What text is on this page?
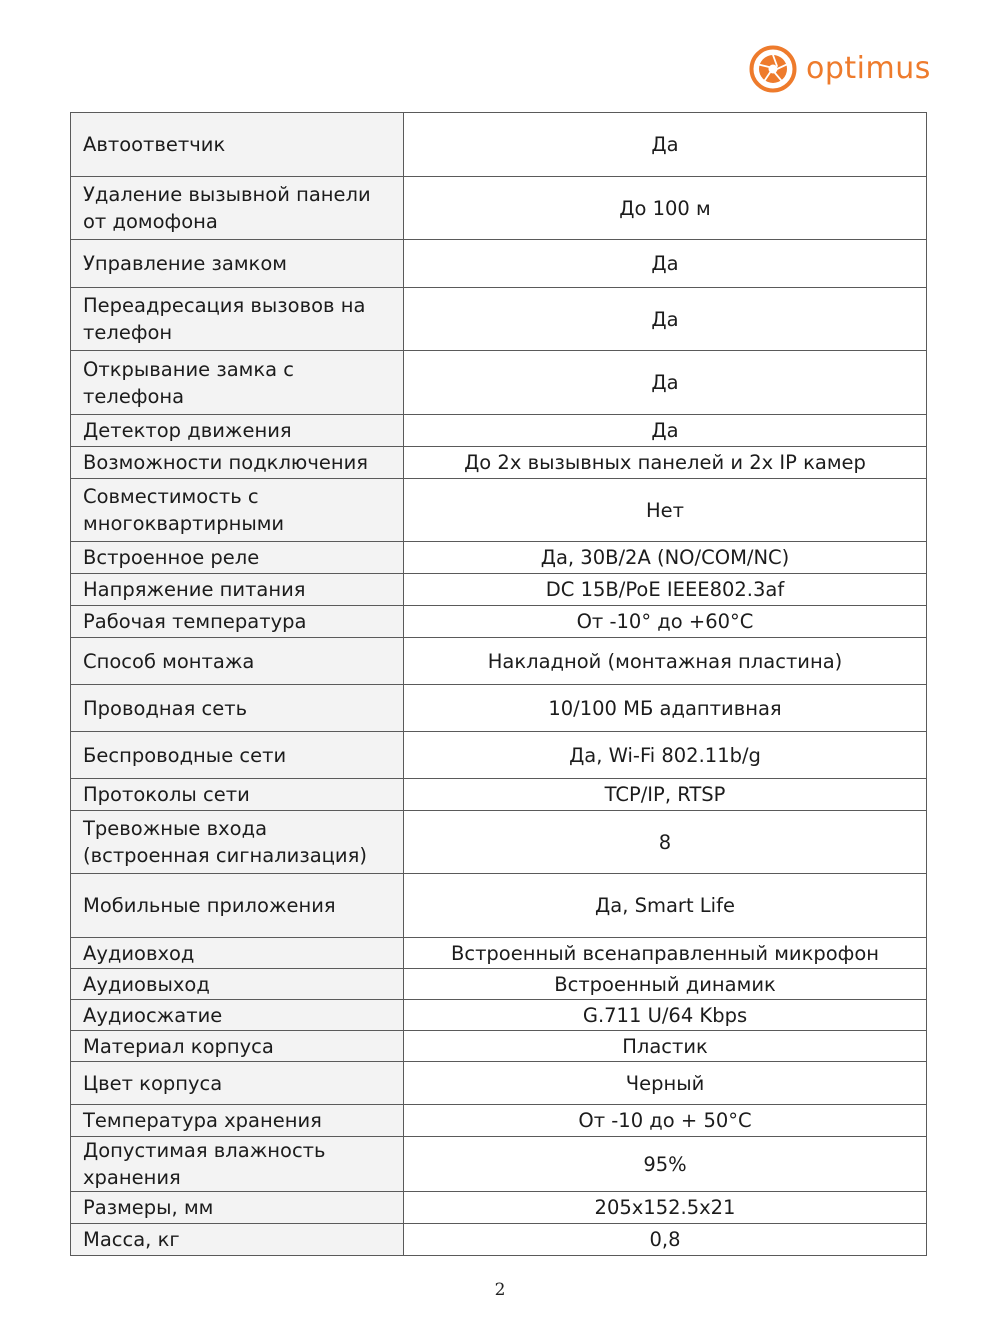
optimus
Автоответчик	Да
Удаление вызывной панели от домофона	До 100 м
Управление замком	Да
Переадресация вызовов на телефон	Да
Открывание замка с телефона	Да
Детектор движения	Да
Возможности подключения	До 2х вызывных панелей и 2х IP камер
Совместимость с многоквартирными	Нет
Встроенное реле	Да, 30В/2А (NO/COM/NC)
Напряжение питания	DC 15B/PoE IEEE802.3af
Рабочая температура	От -10° до +60°С
Способ монтажа	Накладной (монтажная пластина)
Проводная сеть	10/100 МБ адаптивная
Беспроводные сети	Да, Wi-Fi 802.11b/g
Протоколы сети	TCP/IP, RTSP
Тревожные входа (встроенная сигнализация)	8
Мобильные приложения	Да, Smart Life
Аудиовход	Встроенный всенаправленный микрофон
Аудиовыход	Встроенный динамик
Аудиосжатие	G.711 U/64 Kbps
Материал корпуса	Пластик
Цвет корпуса	Черный
Температура хранения	От -10 до + 50°С
Допустимая влажность хранения	95%
Размеры, мм	205х152.5х21
Масса, кг	0,8
2
